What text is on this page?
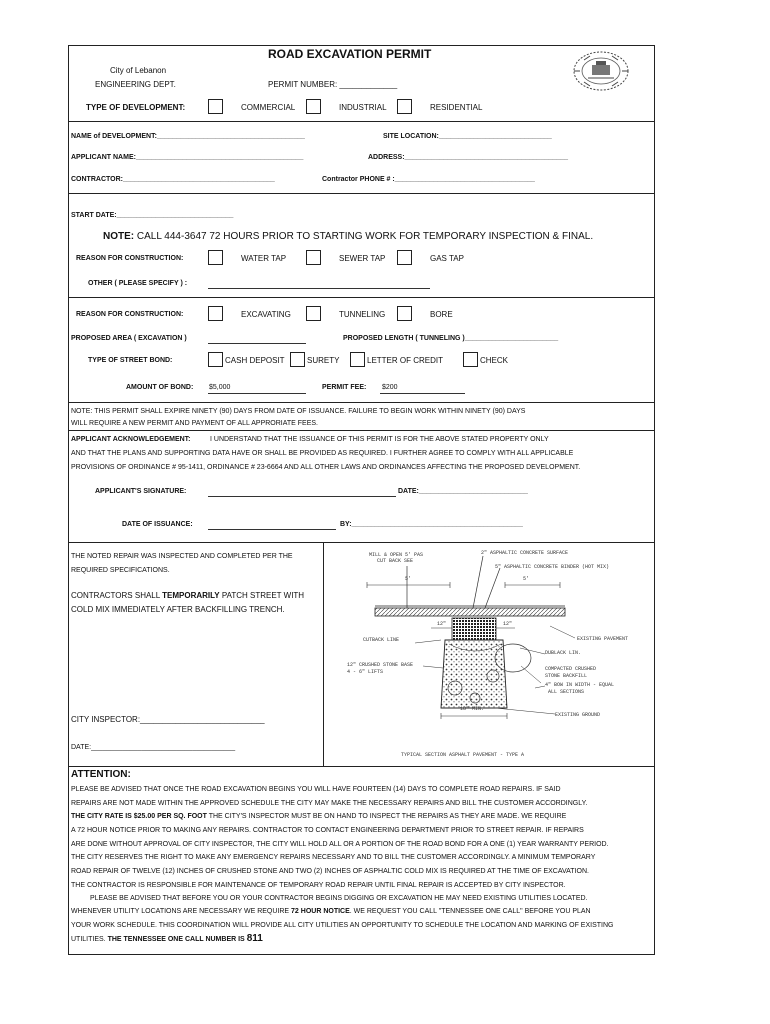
ROAD EXCAVATION PERMIT
City of Lebanon
ENGINEERING DEPT.	PERMIT NUMBER: _____________
TYPE OF DEVELOPMENT:	COMMERCIAL	INDUSTRIAL	RESIDENTIAL
NAME of DEVELOPMENT:______________________________________	SITE LOCATION:_____________________________
APPLICANT NAME:___________________________________________	ADDRESS:__________________________________________
CONTRACTOR:_______________________________________	Contractor PHONE # :____________________________________
START DATE:______________________________
NOTE: CALL 444-3647 72 HOURS PRIOR TO STARTING WORK FOR TEMPORARY INSPECTION & FINAL.
REASON FOR CONSTRUCTION:	WATER TAP	SEWER TAP	GAS TAP
OTHER ( PLEASE SPECIFY ) :
REASON FOR CONSTRUCTION:	EXCAVATING	TUNNELING	BORE
PROPOSED AREA ( EXCAVATION )	PROPOSED LENGTH ( TUNNELING )________________________
TYPE OF STREET BOND:	CASH DEPOSIT	SURETY	LETTER OF CREDIT	CHECK
AMOUNT OF BOND: $5,000	PERMIT FEE: $200
NOTE: THIS PERMIT SHALL EXPIRE NINETY (90) DAYS FROM DATE OF ISSUANCE. FAILURE TO BEGIN WORK WITHIN NINETY (90) DAYS
WILL REQUIRE A NEW PERMIT AND PAYMENT OF ALL APPRORIATE FEES.
APPLICANT ACKNOWLEDGEMENT:	I UNDERSTAND THAT THE ISSUANCE OF THIS PERMIT IS FOR THE ABOVE STATED PROPERTY ONLY
AND THAT THE PLANS AND SUPPORTING DATA HAVE OR SHALL BE PROVIDED AS REQUIRED. I FURTHER AGREE TO COMPLY WITH ALL APPLICABLE
PROVISIONS OF ORDINANCE # 95-1411, ORDINANCE # 23-6664 AND ALL OTHER LAWS AND ORDINANCES AFFECTING THE PROPOSED DEVELOPMENT.
APPLICANT'S SIGNATURE:	DATE:____________________________
DATE OF ISSUANCE:	BY:____________________________________________
THE NOTED REPAIR WAS INSPECTED AND COMPLETED PER THE
REQUIRED SPECIFICATIONS.
CONTRACTORS SHALL TEMPORARILY PATCH STREET WITH
COLD MIX IMMEDIATELY AFTER BACKFILLING TRENCH.
CITY INSPECTOR:____________________________
DATE:_____________________________________
MILL & OPEN 5' PAS
CUT BACK SEE
2" ASPHALTIC CONCRETE SURFACE
5" ASPHALTIC CONCRETE BINDER (HOT MIX)
5'	5'
12"	12"
EXISTING PAVEMENT
CUTBACK LINE
DUBLACK LIN.
12" CRUSHED STONE BASE
4 - 6" LIFTS	COMPACTED CRUSHED
STONE BACKFILL
4" BOW IN WIDTH - EQUAL
ALL SECTIONS
18" MIN.
EXISTING GROUND
TYPICAL SECTION ASPHALT PAVEMENT - TYPE A
ATTENTION:
PLEASE BE ADVISED THAT ONCE THE ROAD EXCAVATION BEGINS YOU WILL HAVE FOURTEEN (14) DAYS TO COMPLETE ROAD REPAIRS. IF SAID
REPAIRS ARE NOT MADE WITHIN THE APPROVED SCHEDULE THE CITY MAY MAKE THE NECESSARY REPAIRS AND BILL THE CUSTOMER ACCORDINGLY.
THE CITY RATE IS $25.00 PER SQ. FOOT THE CITY'S INSPECTOR MUST BE ON HAND TO INSPECT THE REPAIRS AS THEY ARE MADE. WE REQUIRE
A 72 HOUR NOTICE PRIOR TO MAKING ANY REPAIRS. CONTRACTOR TO CONTACT ENGINEERING DEPARTMENT PRIOR TO STREET REPAIR. IF REPAIRS
ARE DONE WITHOUT APPROVAL OF CITY INSPECTOR, THE CITY WILL HOLD ALL OR A PORTION OF THE ROAD BOND FOR A ONE (1) YEAR WARRANTY PERIOD.
THE CITY RESERVES THE RIGHT TO MAKE ANY EMERGENCY REPAIRS NECESSARY AND TO BILL THE CUSTOMER ACCORDINGLY. A MINIMUM TEMPORARY
ROAD REPAIR OF TWELVE (12) INCHES OF CRUSHED STONE AND TWO (2) INCHES OF ASPHALTIC COLD MIX IS REQUIRED AT THE TIME OF EXCAVATION.
THE CONTRACTOR IS RESPONSIBLE FOR MAINTENANCE OF TEMPORARY ROAD REPAIR UNTIL FINAL REPAIR IS ACCEPTED BY CITY INSPECTOR.
PLEASE BE ADVISED THAT BEFORE YOU OR YOUR CONTRACTOR BEGINS DIGGING OR EXCAVATION HE MAY NEED EXISTING UTILITIES LOCATED.
WHENEVER UTILITY LOCATIONS ARE NECESSARY WE REQUIRE 72 HOUR NOTICE. WE REQUEST YOU CALL "TENNESSEE ONE CALL" BEFORE YOU PLAN
YOUR WORK SCHEDULE. THIS COORDINATION WILL PROVIDE ALL CITY UTILITIES AN OPPORTUNITY TO SCHEDULE THE LOCATION AND MARKING OF EXISTING
UTILITIES. THE TENNESSEE ONE CALL NUMBER IS 811
